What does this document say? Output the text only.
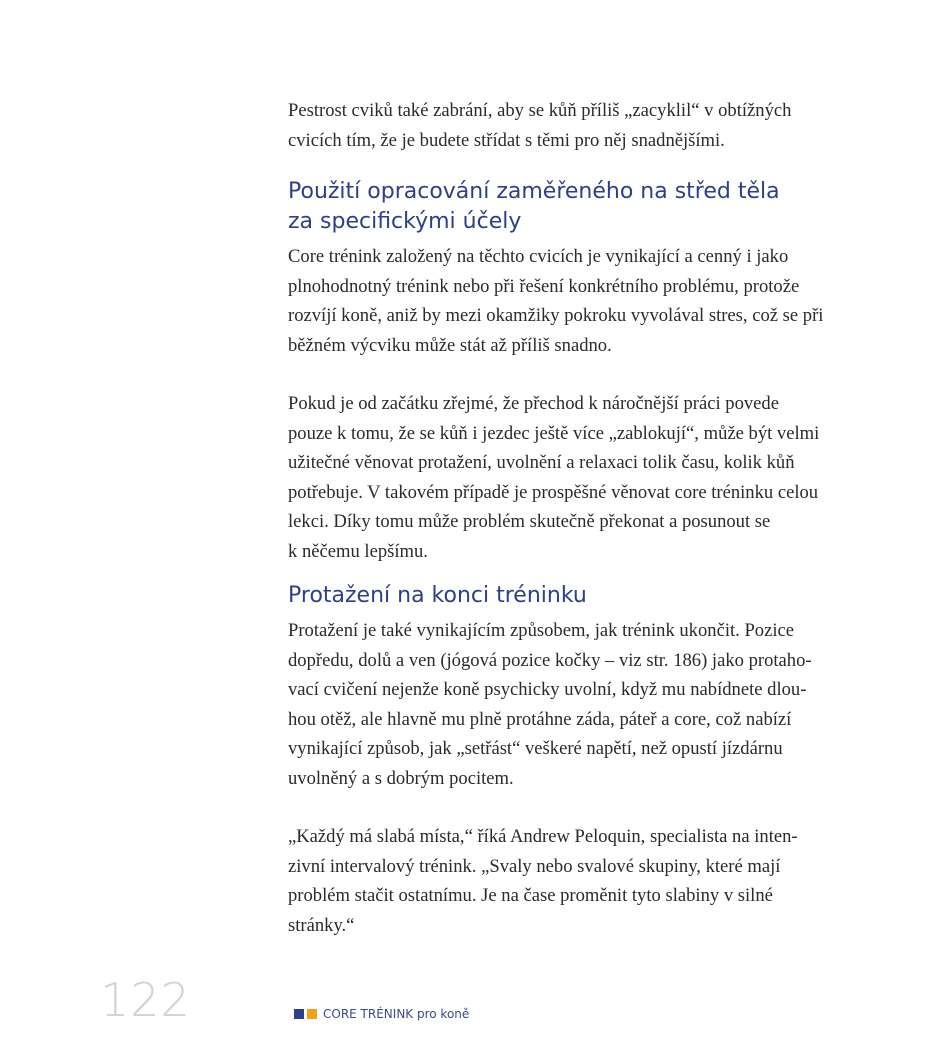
Pestrost cviků také zabrání, aby se kůň příliš „zacyklil“ v obtížných
cvicích tím, že je budete střídat s těmi pro něj snadnějšími.

Použití opracování zaměřeného na střed těla
za specifickými účely

Core trénink založený na těchto cvicích je vynikající a cenný i jako
plnohodnotný trénink nebo při řešení konkrétního problému, protože
rozvíjí koně, aniž by mezi okamžiky pokroku vyvolával stres, což se při
běžném výcviku může stát až příliš snadno.

Pokud je od začátku zřejmé, že přechod k náročnější práci povede
pouze k tomu, že se kůň i jezdec ještě více „zablokují“, může být velmi
užitečné věnovat protažení, uvolnění a relaxaci tolik času, kolik kůň
potřebuje. V takovém případě je prospěšné věnovat core tréninku celou
lekci. Díky tomu může problém skutečně překonat a posunout se
k něčemu lepšímu.

Protažení na konci tréninku

Protažení je také vynikajícím způsobem, jak trénink ukončit. Pozice
dopředu, dolů a ven (jógová pozice kočky – viz str. 186) jako protaho-
vací cvičení nejenže koně psychicky uvolní, když mu nabídnete dlou-
hou otěž, ale hlavně mu plně protáhne záda, páteř a core, což nabízí
vynikající způsob, jak „setřást“ veškeré napětí, než opustí jízdárnu
uvolněný a s dobrým pocitem.

„Každý má slabá místa,“ říká Andrew Peloquin, specialista na inten-
zivní intervalový trénink. „Svaly nebo svalové skupiny, které mají
problém stačit ostatnímu. Je na čase proměnit tyto slabiny v silné
stránky.“

122	CORE TRÉNINK pro koně
